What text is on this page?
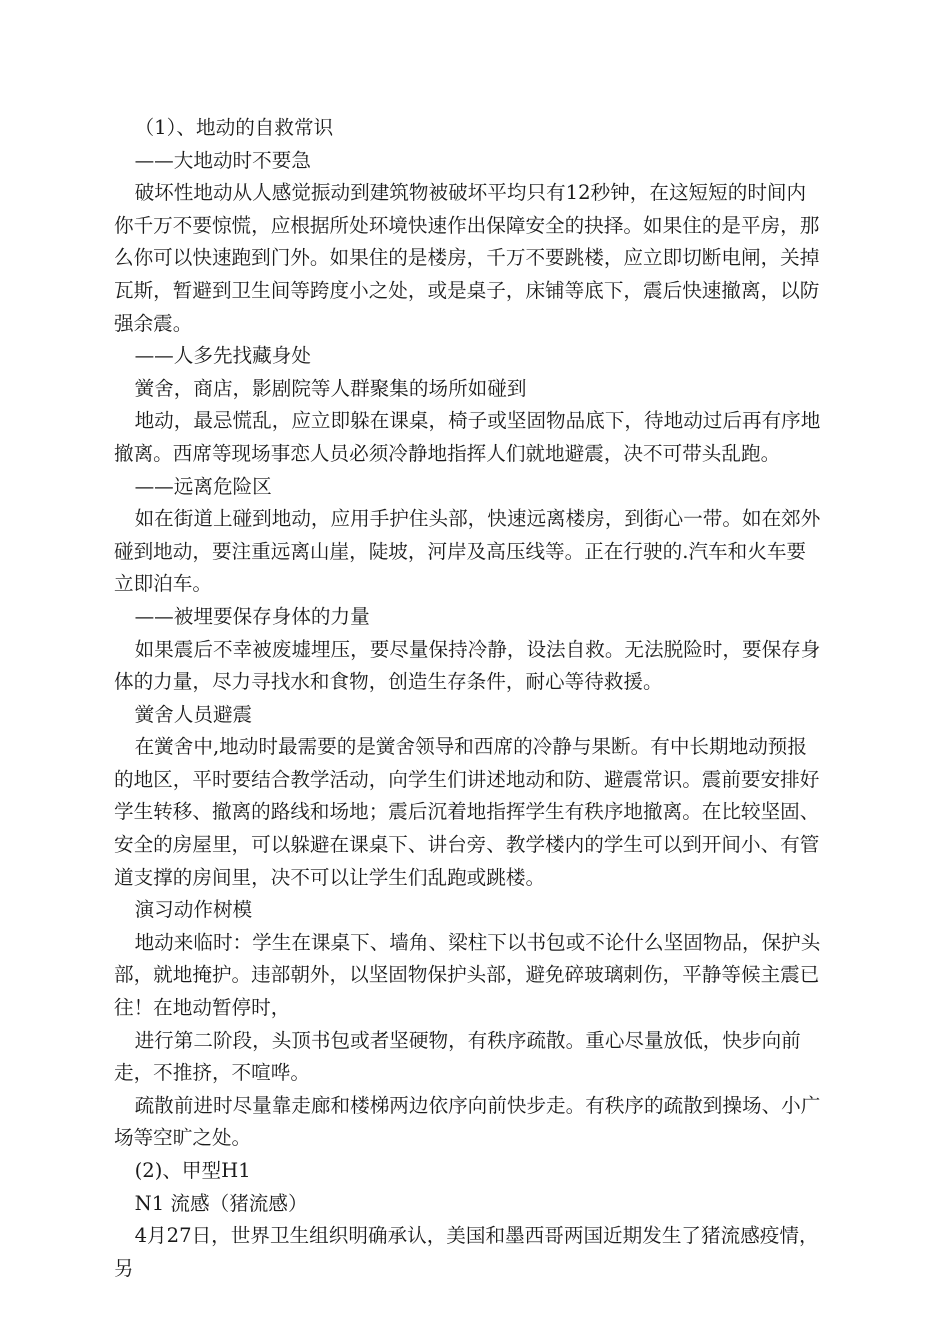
（1）、地动的自救常识

——大地动时不要急

破坏性地动从人感觉振动到建筑物被破坏平均只有12秒钟，在这短短的时间内你千万不要惊慌，应根据所处环境快速作出保障安全的抉择。如果住的是平房，那么你可以快速跑到门外。如果住的是楼房，千万不要跳楼，应立即切断电闸，关掉瓦斯，暂避到卫生间等跨度小之处，或是桌子，床铺等底下，震后快速撤离，以防强余震。

——人多先找藏身处

黉舍，商店，影剧院等人群聚集的场所如碰到

地动，最忌慌乱，应立即躲在课桌，椅子或坚固物品底下，待地动过后再有序地撤离。西席等现场事恋人员必须冷静地指挥人们就地避震，决不可带头乱跑。

——远离危险区

如在街道上碰到地动，应用手护住头部，快速远离楼房，到街心一带。如在郊外碰到地动，要注重远离山崖，陡坡，河岸及高压线等。正在行驶的.汽车和火车要立即泊车。

——被埋要保存身体的力量

如果震后不幸被废墟埋压，要尽量保持冷静，设法自救。无法脱险时，要保存身体的力量，尽力寻找水和食物，创造生存条件，耐心等待救援。

黉舍人员避震

在黉舍中,地动时最需要的是黉舍领导和西席的冷静与果断。有中长期地动预报的地区，平时要结合教学活动，向学生们讲述地动和防、避震常识。震前要安排好学生转移、撤离的路线和场地；震后沉着地指挥学生有秩序地撤离。在比较坚固、安全的房屋里，可以躲避在课桌下、讲台旁、教学楼内的学生可以到开间小、有管道支撑的房间里，决不可以让学生们乱跑或跳楼。

演习动作树模

地动来临时：学生在课桌下、墙角、梁柱下以书包或不论什么坚固物品，保护头部，就地掩护。违部朝外，以坚固物保护头部，避免碎玻璃刺伤，平静等候主震已往！在地动暂停时，

进行第二阶段，头顶书包或者坚硬物，有秩序疏散。重心尽量放低，快步向前走，不推挤，不喧哗。

疏散前进时尽量靠走廊和楼梯两边依序向前快步走。有秩序的疏散到操场、小广场等空旷之处。

(2)、甲型H1

N1 流感（猪流感）

4月27日，世界卫生组织明确承认，美国和墨西哥两国近期发生了猪流感疫情，另
